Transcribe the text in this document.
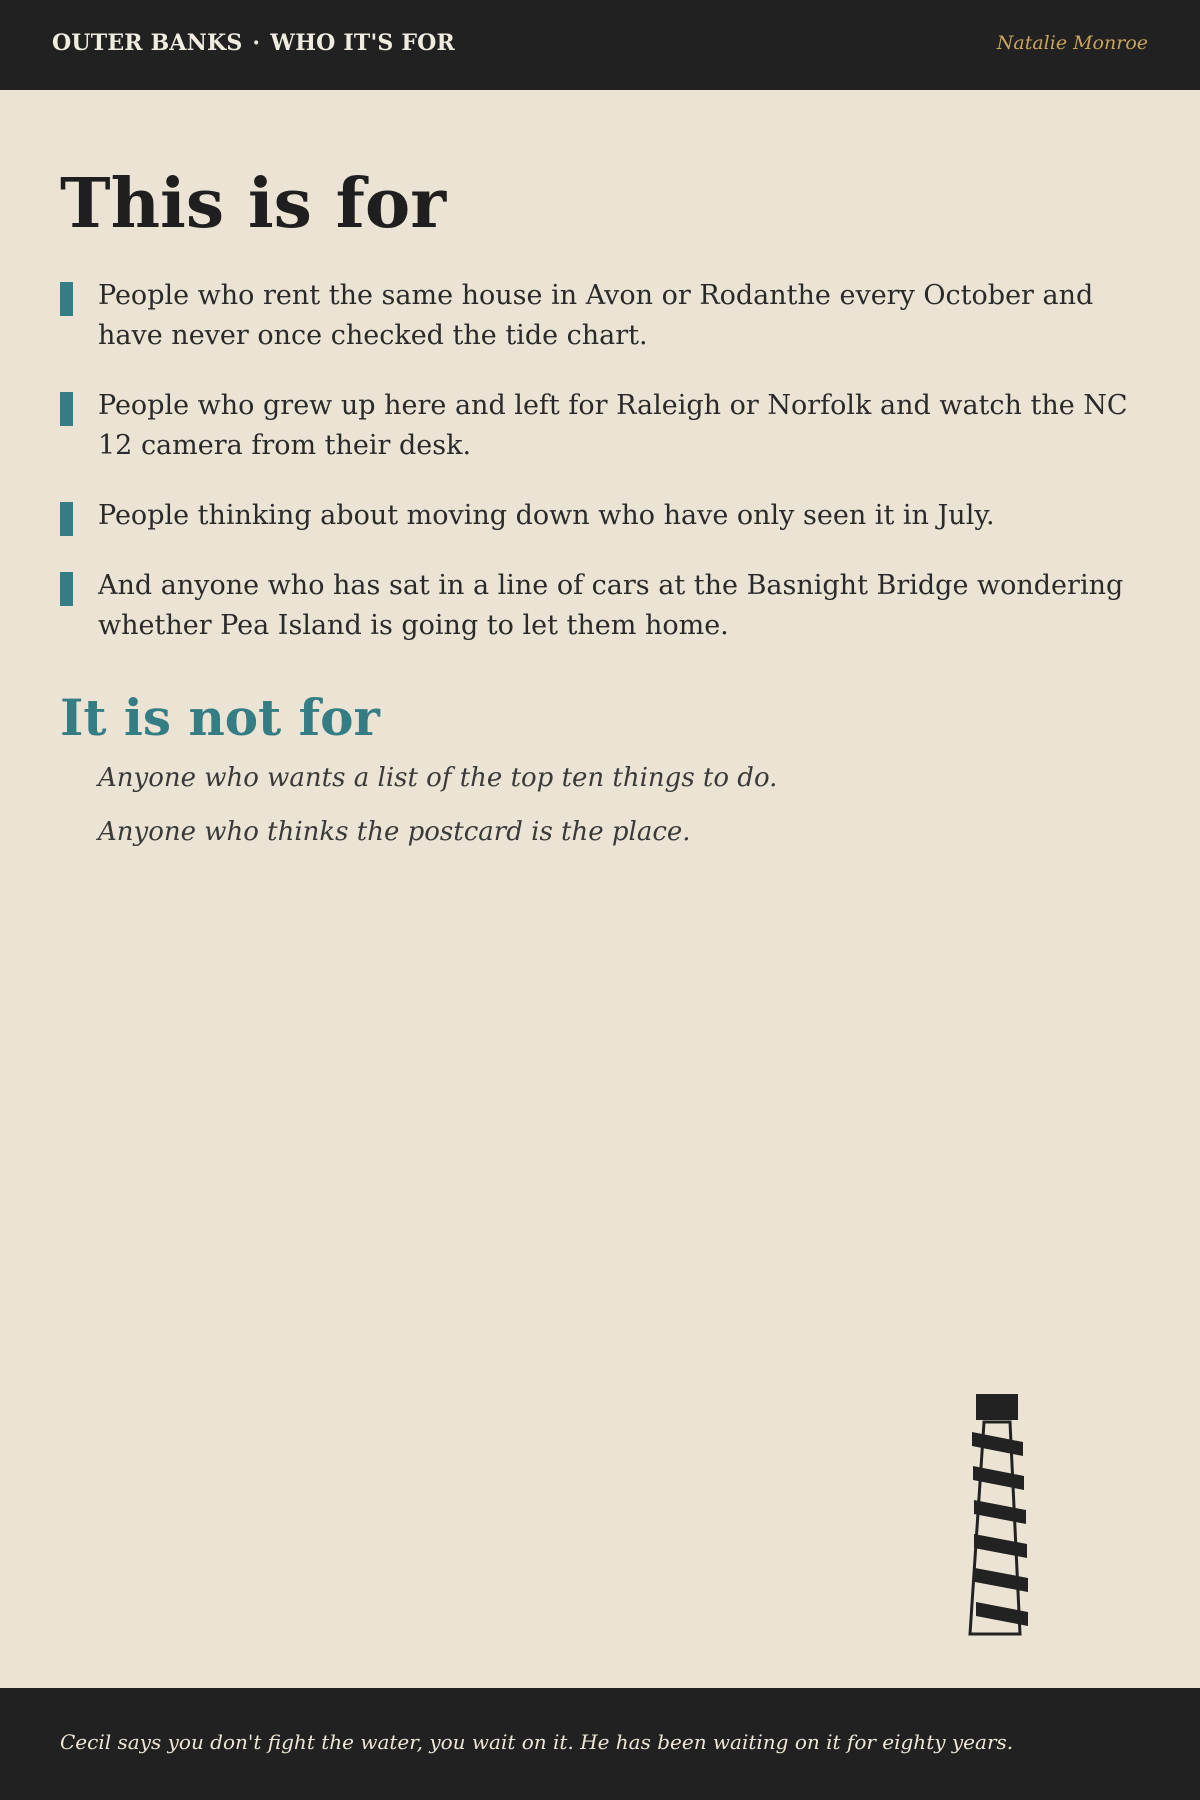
OUTER BANKS · WHO IT'S FOR	Natalie Monroe
This is for
People who rent the same house in Avon or Rodanthe every October and have never once checked the tide chart.
People who grew up here and left for Raleigh or Norfolk and watch the NC 12 camera from their desk.
People thinking about moving down who have only seen it in July.
And anyone who has sat in a line of cars at the Basnight Bridge wondering whether Pea Island is going to let them home.
It is not for
Anyone who wants a list of the top ten things to do.
Anyone who thinks the postcard is the place.
Cecil says you don't fight the water, you wait on it. He has been waiting on it for eighty years.
